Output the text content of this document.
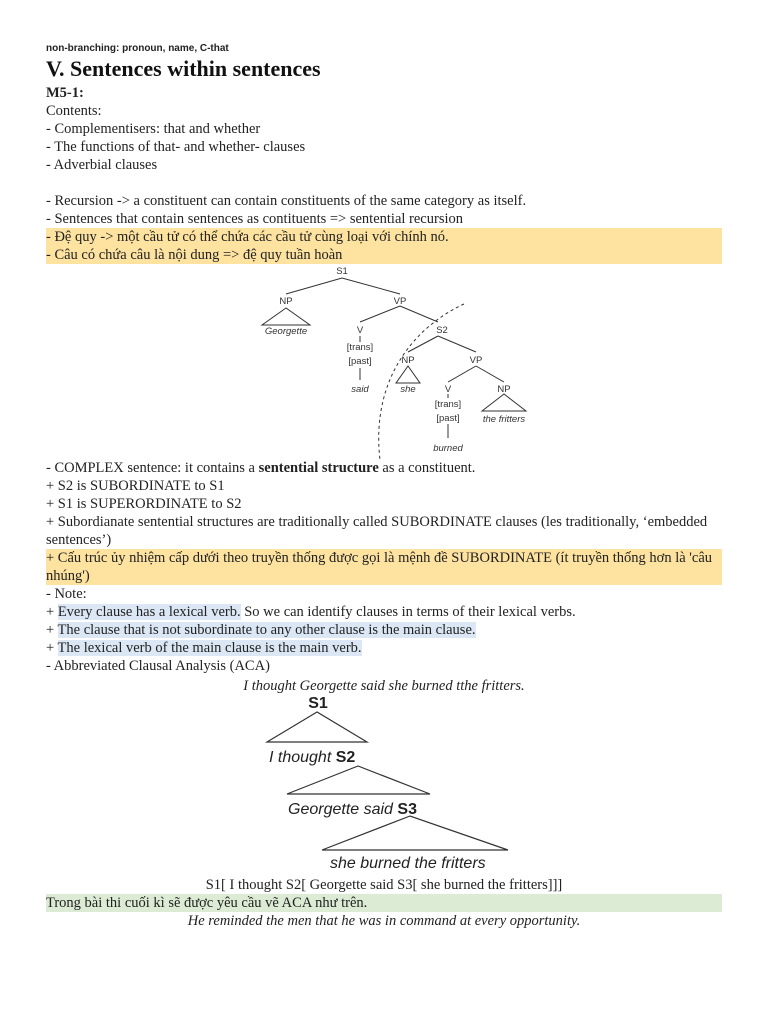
non-branching: pronoun, name, C-that
V. Sentences within sentences
M5-1:
Contents:
- Complementisers: that and whether
- The functions of that- and whether- clauses
- Adverbial clauses
- Recursion -> a constituent can contain constituents of the same category as itself.
- Sentences that contain sentences as contituents => sentential recursion
- Đệ quy -> một cầu tử có thể chứa các cầu tử cùng loại với chính nó.
- Câu có chứa câu là nội dung => đệ quy tuần hoàn
S1
NP	VP
Georgette	V
[trans]
[past]
said
S2
NP	VP
she	V
[trans]
[past]
burned
NP
the fritters
- COMPLEX sentence: it contains a sentential structure as a constituent.
+ S2 is SUBORDINATE to S1
+ S1 is SUPERORDINATE to S2
+ Subordianate sentential structures are traditionally called SUBORDINATE clauses (les traditionally, ‘embedded sentences’)
+ Cấu trúc ủy nhiệm cấp dưới theo truyền thống được gọi là mệnh đề SUBORDINATE (ít truyền thống hơn là 'câu nhúng')
- Note:
+ Every clause has a lexical verb. So we can identify clauses in terms of their lexical verbs.
+ The clause that is not subordinate to any other clause is the main clause.
+ The lexical verb of the main clause is the main verb.
- Abbreviated Clausal Analysis (ACA)
I thought Georgette said she burned tthe fritters.
S1
I thought S2
Georgette said S3
she burned the fritters
S1[ I thought S2[ Georgette said S3[ she burned the fritters]]]
Trong bài thi cuối kì sẽ được yêu cầu vẽ ACA như trên.
He reminded the men that he was in command at every opportunity.
